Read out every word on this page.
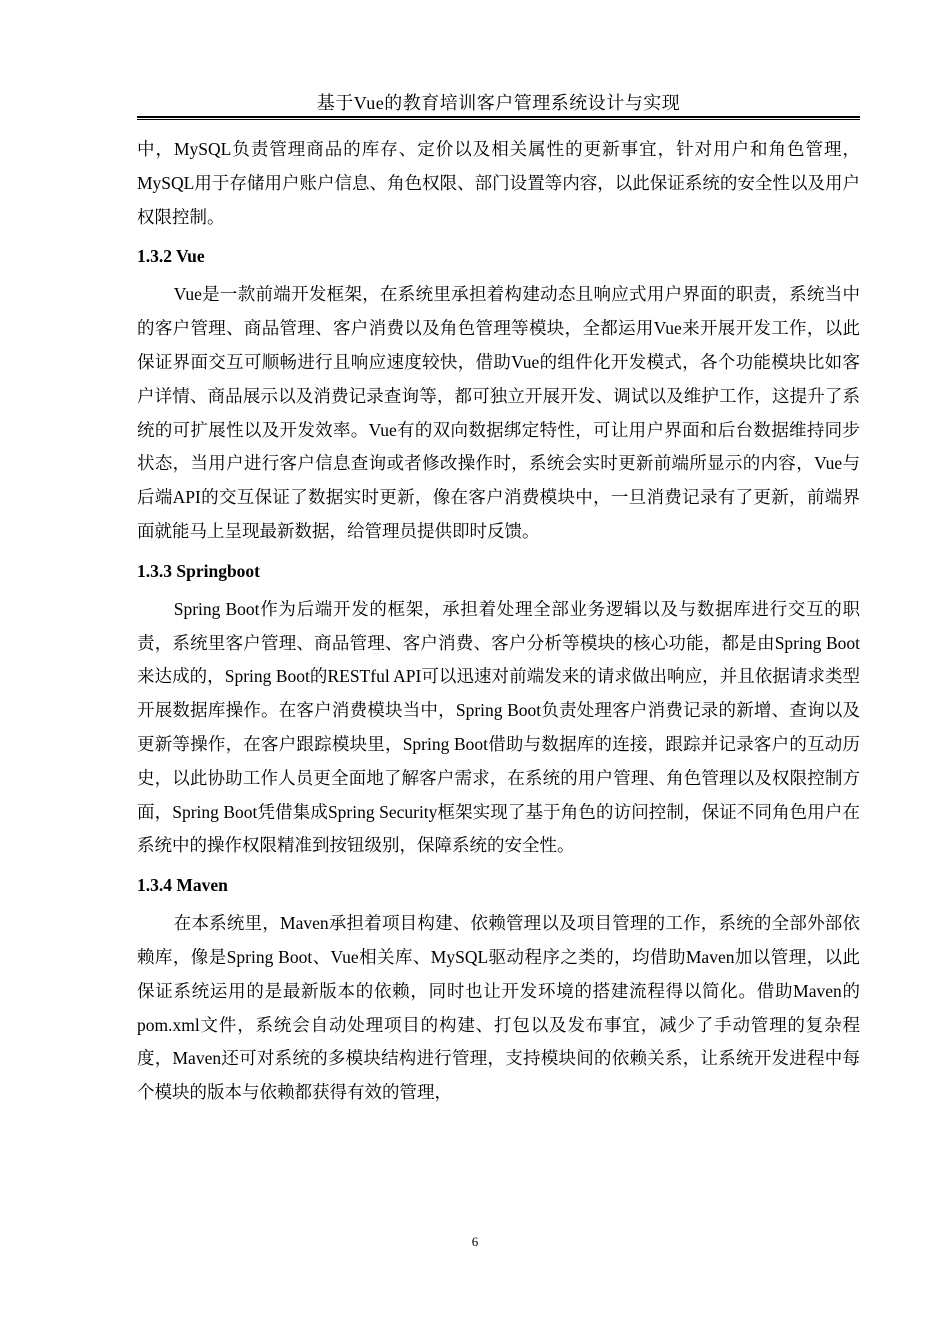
基于Vue的教育培训客户管理系统设计与实现

中，MySQL负责管理商品的库存、定价以及相关属性的更新事宜，针对用户和角色管理，MySQL用于存储用户账户信息、角色权限、部门设置等内容，以此保证系统的安全性以及用户权限控制。

1.3.2 Vue

Vue是一款前端开发框架，在系统里承担着构建动态且响应式用户界面的职责，系统当中的客户管理、商品管理、客户消费以及角色管理等模块，全都运用Vue来开展开发工作，以此保证界面交互可顺畅进行且响应速度较快，借助Vue的组件化开发模式，各个功能模块比如客户详情、商品展示以及消费记录查询等，都可独立开展开发、调试以及维护工作，这提升了系统的可扩展性以及开发效率。Vue有的双向数据绑定特性，可让用户界面和后台数据维持同步状态，当用户进行客户信息查询或者修改操作时，系统会实时更新前端所显示的内容，Vue与后端API的交互保证了数据实时更新，像在客户消费模块中，一旦消费记录有了更新，前端界面就能马上呈现最新数据，给管理员提供即时反馈。

1.3.3 Springboot

Spring Boot作为后端开发的框架，承担着处理全部业务逻辑以及与数据库进行交互的职责，系统里客户管理、商品管理、客户消费、客户分析等模块的核心功能，都是由Spring Boot来达成的，Spring Boot的RESTful API可以迅速对前端发来的请求做出响应，并且依据请求类型开展数据库操作。在客户消费模块当中，Spring Boot负责处理客户消费记录的新增、查询以及更新等操作，在客户跟踪模块里，Spring Boot借助与数据库的连接，跟踪并记录客户的互动历史，以此协助工作人员更全面地了解客户需求，在系统的用户管理、角色管理以及权限控制方面，Spring Boot凭借集成Spring Security框架实现了基于角色的访问控制，保证不同角色用户在系统中的操作权限精准到按钮级别，保障系统的安全性。

1.3.4 Maven

在本系统里，Maven承担着项目构建、依赖管理以及项目管理的工作，系统的全部外部依赖库，像是Spring Boot、Vue相关库、MySQL驱动程序之类的，均借助Maven加以管理，以此保证系统运用的是最新版本的依赖，同时也让开发环境的搭建流程得以简化。借助Maven的pom.xml文件，系统会自动处理项目的构建、打包以及发布事宜，减少了手动管理的复杂程度，Maven还可对系统的多模块结构进行管理，支持模块间的依赖关系，让系统开发进程中每个模块的版本与依赖都获得有效的管理，

6
